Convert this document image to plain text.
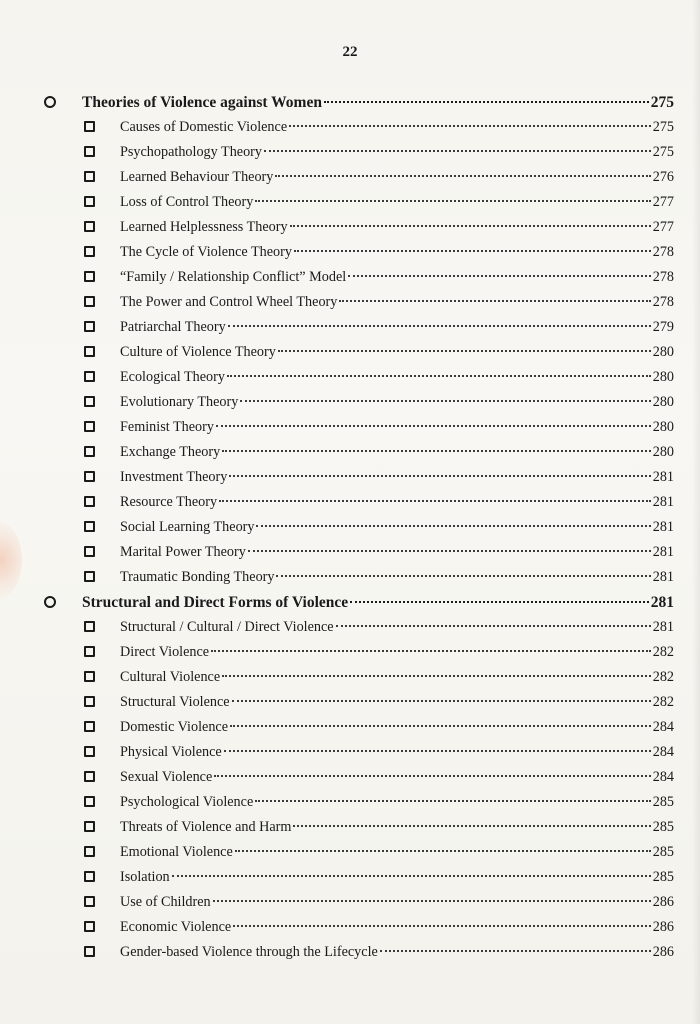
22
Theories of Violence against Women	275
Causes of Domestic Violence	275
Psychopathology Theory	275
Learned Behaviour Theory	276
Loss of Control Theory	277
Learned Helplessness Theory	277
The Cycle of Violence Theory	278
“Family / Relationship Conflict” Model	278
The Power and Control Wheel Theory	278
Patriarchal Theory	279
Culture of Violence Theory	280
Ecological Theory	280
Evolutionary Theory	280
Feminist Theory	280
Exchange Theory	280
Investment Theory	281
Resource Theory	281
Social Learning Theory	281
Marital Power Theory	281
Traumatic Bonding Theory	281
Structural and Direct Forms of Violence	281
Structural / Cultural / Direct Violence	281
Direct Violence	282
Cultural Violence	282
Structural Violence	282
Domestic Violence	284
Physical Violence	284
Sexual Violence	284
Psychological Violence	285
Threats of Violence and Harm	285
Emotional Violence	285
Isolation	285
Use of Children	286
Economic Violence	286
Gender-based Violence through the Lifecycle	286
